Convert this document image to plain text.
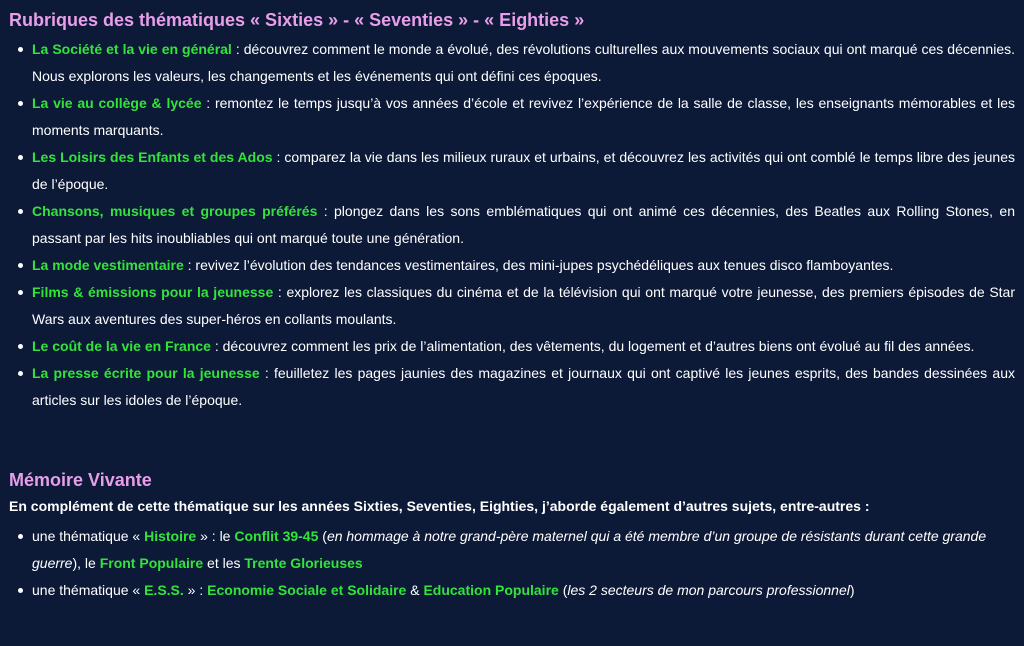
Rubriques des thématiques « Sixties » - « Seventies » - « Eighties »
La Société et la vie en général : découvrez comment le monde a évolué, des révolutions culturelles aux mouvements sociaux qui ont marqué ces décennies. Nous explorons les valeurs, les changements et les événements qui ont défini ces époques.
La vie au collège & lycée : remontez le temps jusqu’à vos années d’école et revivez l’expérience de la salle de classe, les enseignants mémorables et les moments marquants.
Les Loisirs des Enfants et des Ados : comparez la vie dans les milieux ruraux et urbains, et découvrez les activités qui ont comblé le temps libre des jeunes de l’époque.
Chansons, musiques et groupes préférés : plongez dans les sons emblématiques qui ont animé ces décennies, des Beatles aux Rolling Stones, en passant par les hits inoubliables qui ont marqué toute une génération.
La mode vestimentaire : revivez l’évolution des tendances vestimentaires, des mini-jupes psychédéliques aux tenues disco flamboyantes.
Films & émissions pour la jeunesse : explorez les classiques du cinéma et de la télévision qui ont marqué votre jeunesse, des premiers épisodes de Star Wars aux aventures des super-héros en collants moulants.
Le coût de la vie en France : découvrez comment les prix de l’alimentation, des vêtements, du logement et d’autres biens ont évolué au fil des années.
La presse écrite pour la jeunesse : feuilletez les pages jaunies des magazines et journaux qui ont captivé les jeunes esprits, des bandes dessinées aux articles sur les idoles de l’époque.
Mémoire Vivante

En complément de cette thématique sur les années Sixties, Seventies, Eighties, j’aborde également d’autres sujets, entre-autres :

une thématique « Histoire » : le Conflit 39-45 (en hommage à notre grand-père maternel qui a été membre d’un groupe de résistants durant cette grande guerre), le Front Populaire et les Trente Glorieuses
une thématique « E.S.S. » : Economie Sociale et Solidaire & Education Populaire (les 2 secteurs de mon parcours professionnel)
